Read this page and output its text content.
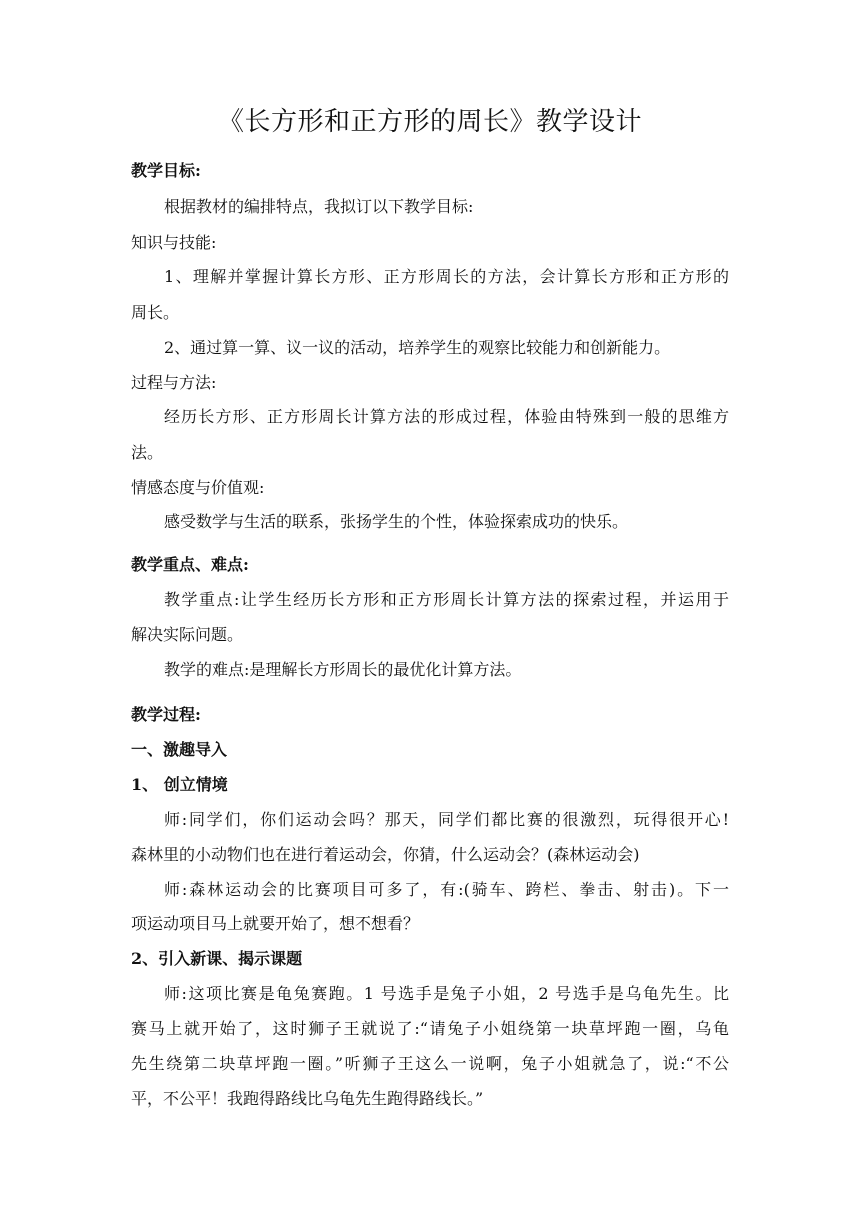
《长方形和正方形的周长》教学设计

教学目标:

根据教材的编排特点，我拟订以下教学目标:

知识与技能:

1、理解并掌握计算长方形、正方形周长的方法，会计算长方形和正方形的

周长。

2、通过算一算、议一议的活动，培养学生的观察比较能力和创新能力。

过程与方法:

经历长方形、正方形周长计算方法的形成过程，体验由特殊到一般的思维方

法。

情感态度与价值观:

感受数学与生活的联系，张扬学生的个性，体验探索成功的快乐。

教学重点、难点:

教学重点:让学生经历长方形和正方形周长计算方法的探索过程，并运用于

解决实际问题。

教学的难点:是理解长方形周长的最优化计算方法。

教学过程:

一、激趣导入

1、 创立情境

师:同学们，你们运动会吗？那天，同学们都比赛的很激烈，玩得很开心!

森林里的小动物们也在进行着运动会，你猜，什么运动会？(森林运动会)

师:森林运动会的比赛项目可多了，有:(骑车、跨栏、拳击、射击)。下一

项运动项目马上就要开始了，想不想看？

2、引入新课、揭示课题

师:这项比赛是龟兔赛跑。1 号选手是兔子小姐，2 号选手是乌龟先生。比

赛马上就开始了，这时狮子王就说了:“请兔子小姐绕第一块草坪跑一圈，乌龟

先生绕第二块草坪跑一圈。”听狮子王这么一说啊，兔子小姐就急了，说:“不公

平，不公平！我跑得路线比乌龟先生跑得路线长。”
